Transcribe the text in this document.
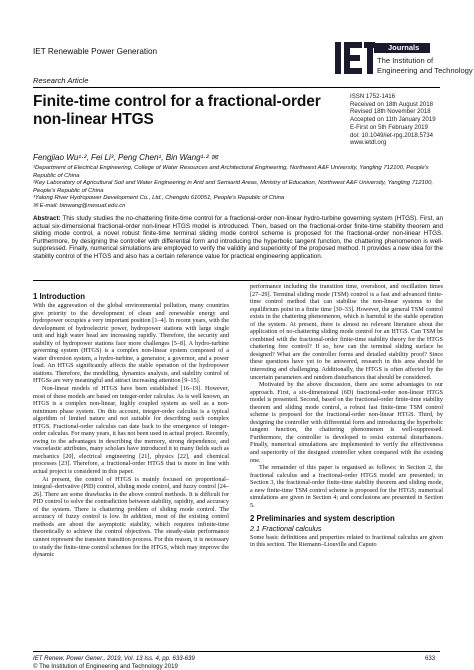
IET Renewable Power Generation
Research Article
Journals
The Institution of
Engineering and Technology
Finite-time control for a fractional-order non-linear HTGS
ISSN 1752-1416
Received on 18th August 2018
Revised 18th November 2018
Accepted on 11th January 2019
E-First on 5th February 2019
doi: 10.1049/iet-rpg.2018.5734
www.ietdl.org
Fengjiao Wu¹·², Fei Li³, Peng Chen¹, Bin Wang¹·² ✉
¹Department of Electrical Engineering, College of Water Resources and Architectural Engineering, Northwest A&F University, Yangling 712100, People's Republic of China
²Key Laboratory of Agricultural Soil and Water Engineering in Arid and Semiarid Areas, Ministry of Education, Northwest A&F University, Yangling 712100, People's Republic of China
³Yalong River Hydropower Development Co., Ltd., Chengdu 610051, People's Republic of China
✉ E-mail: binwang@nwsuaf.edu.cn
Abstract: This study studies the no-chattering finite-time control for a fractional-order non-linear hydro-turbine governing system (HTGS). First, an actual six-dimensional fractional-order non-linear HTGS model is introduced. Then, based on the fractional-order finite-time stability theorem and sliding mode control, a novel robust finite-time terminal sliding mode control scheme is proposed for the fractional-order non-linear HTGS. Furthermore, by designing the controller with differential form and introducing the hyperbolic tangent function, the chattering phenomenon is well-suppressed. Finally, numerical simulations are employed to verify the validity and superiority of the proposed method. It provides a new idea for the stability control of the HTGS and also has a certain reference value for practical engineering application.
1 Introduction

With the aggravation of the global environmental pollution, many countries give priority to the development of clean and renewable energy and hydropower occupies a very important position [1–4]. In recent years, with the development of hydroelectric power, hydropower stations with large single unit and high water head are increasing rapidly. Therefore, the security and stability of hydropower stations face more challenges [5–8]. A hydro-turbine governing system (HTGS) is a complex non-linear system composed of a water diversion system, a hydro-turbine, a generator, a governor, and a power load. An HTGS significantly affects the stable operation of the hydropower stations. Therefore, the modelling, dynamics analysis, and stability control of HTGSs are very meaningful and attract increasing attention [9–15].

Non-linear models of HTGS have been established [16–19]. However, most of these models are based on integer-order calculus. As is well known, an HTGS is a complex non-linear, highly coupled system as well as a non-minimum phase system. On this account, integer-order calculus is a typical algorithm of limited nature and not suitable for describing such complex HTGS. Fractional-order calculus can date back to the emergence of integer-order calculus. For many years, it has not been used in actual project. Recently, owing to the advantages in describing the memory, strong dependence, and viscoelastic attributes, many scholars have introduced it to many fields such as mechanics [20], electrical engineering [21], physics [22], and chemical processes [23]. Therefore, a fractional-order HTGS that is more in line with actual project is considered in this paper.

At present, the control of HTGS is mainly focused on proportional–integral–derivative (PID) control, sliding mode control, and fuzzy control [24–26]. There are some drawbacks in the above control methods. It is difficult for PID control to solve the contradiction between stability, rapidity, and accuracy of the system. There is chattering problem of sliding mode control. The accuracy of fuzzy control is low. In addition, most of the existing control methods are about the asymptotic stability, which requires infinite-time theoretically to achieve the control objectives. The steady-state performance cannot represent the transient transition process. For this reason, it is necessary to study the finite-time control schemes for the HTGS, which may improve the dynamic

performance including the transition time, overshoot, and oscillation times [27–29]. Terminal sliding mode (TSM) control is a fast and advanced finite-time control method that can stabilise the non-linear systems to the equilibrium point in a finite time [30–33]. However, the general TSM control exists in the chattering phenomenon, which is harmful to the stable operation of the system. At present, there is almost no relevant literature about the application of no-chattering sliding mode control for an HTGS. Can TSM be combined with the fractional-order finite-time stability theory for the HTGS chattering free control? If so, how can the terminal sliding surface be designed? What are the controller forms and detailed stability proof? Since these questions have yet to be answered, research in this area should be interesting and challenging. Additionally, the HTGS is often affected by the uncertain parameters and random disturbances that should be considered.

Motivated by the above discussion, there are some advantages to our approach. First, a six-dimensional (6D) fractional-order non-linear HTGS model is presented. Second, based on the fractional-order finite-time stability theorem and sliding mode control, a robust fast finite-time TSM control scheme is proposed for the fractional-order non-linear HTGS. Third, by designing the controller with differential form and introducing the hyperbolic tangent function, the chattering phenomenon is well-suppressed. Furthermore, the controller is developed to resist external disturbances. Finally, numerical simulations are implemented to verify the effectiveness and superiority of the designed controller when compared with the existing one.

The remainder of this paper is organised as follows: in Section 2, the fractional calculus and a fractional-order HTGS model are presented; in Section 3, the fractional-order finite-time stability theorem and sliding mode, a new finite-time TSM control scheme is proposed for the HTGS; numerical simulations are given in Section 4; and conclusions are presented in Section 5.

2 Preliminaries and system description
2.1 Fractional calculus

Some basic definitions and properties related to fractional calculus are given in this section. The Riemann–Liouville and Caputo

IET Renew. Power Gener., 2019, Vol. 13 Iss. 4, pp. 633-639
© The Institution of Engineering and Technology 2019
633
